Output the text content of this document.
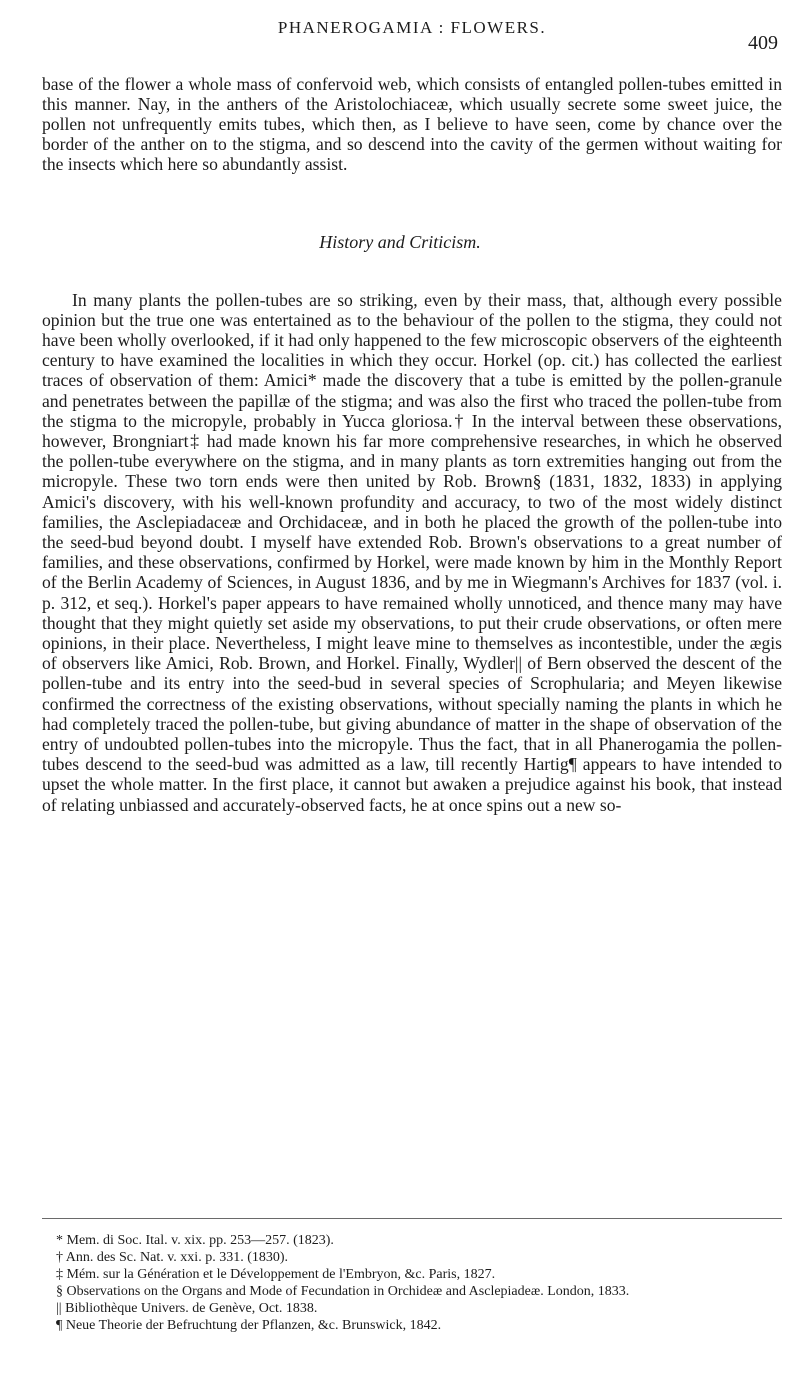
PHANEROGAMIA : FLOWERS.
409

base of the flower a whole mass of confervoid web, which consists of entangled pollen-tubes emitted in this manner. Nay, in the anthers of the Aristolochiaceæ, which usually secrete some sweet juice, the pollen not unfrequently emits tubes, which then, as I believe to have seen, come by chance over the border of the anther on to the stigma, and so descend into the cavity of the germen without waiting for the insects which here so abundantly assist.

History and Criticism.

In many plants the pollen-tubes are so striking, even by their mass, that, although every possible opinion but the true one was entertained as to the behaviour of the pollen to the stigma, they could not have been wholly overlooked, if it had only happened to the few microscopic observers of the eighteenth century to have examined the localities in which they occur. Horkel (op. cit.) has collected the earliest traces of observation of them: Amici* made the discovery that a tube is emitted by the pollen-granule and penetrates between the papillæ of the stigma; and was also the first who traced the pollen-tube from the stigma to the micropyle, probably in Yucca gloriosa.† In the interval between these observations, however, Brongniart‡ had made known his far more comprehensive researches, in which he observed the pollen-tube everywhere on the stigma, and in many plants as torn extremities hanging out from the micropyle. These two torn ends were then united by Rob. Brown§ (1831, 1832, 1833) in applying Amici's discovery, with his well-known profundity and accuracy, to two of the most widely distinct families, the Asclepiadaceæ and Orchidaceæ, and in both he placed the growth of the pollen-tube into the seed-bud beyond doubt. I myself have extended Rob. Brown's observations to a great number of families, and these observations, confirmed by Horkel, were made known by him in the Monthly Report of the Berlin Academy of Sciences, in August 1836, and by me in Wiegmann's Archives for 1837 (vol. i. p. 312, et seq.). Horkel's paper appears to have remained wholly unnoticed, and thence many may have thought that they might quietly set aside my observations, to put their crude observations, or often mere opinions, in their place. Nevertheless, I might leave mine to themselves as incontestible, under the ægis of observers like Amici, Rob. Brown, and Horkel. Finally, Wydler|| of Bern observed the descent of the pollen-tube and its entry into the seed-bud in several species of Scrophularia; and Meyen likewise confirmed the correctness of the existing observations, without specially naming the plants in which he had completely traced the pollen-tube, but giving abundance of matter in the shape of observation of the entry of undoubted pollen-tubes into the micropyle. Thus the fact, that in all Phanerogamia the pollen-tubes descend to the seed-bud was admitted as a law, till recently Hartig¶ appears to have intended to upset the whole matter. In the first place, it cannot but awaken a prejudice against his book, that instead of relating unbiassed and accurately-observed facts, he at once spins out a new so-

* Mem. di Soc. Ital. v. xix. pp. 253—257. (1823).
† Ann. des Sc. Nat. v. xxi. p. 331. (1830).
‡ Mém. sur la Génération et le Développement de l'Embryon, &c. Paris, 1827.
§ Observations on the Organs and Mode of Fecundation in Orchideæ and Asclepiadeæ. London, 1833.
|| Bibliothèque Univers. de Genève, Oct. 1838.
¶ Neue Theorie der Befruchtung der Pflanzen, &c. Brunswick, 1842.
